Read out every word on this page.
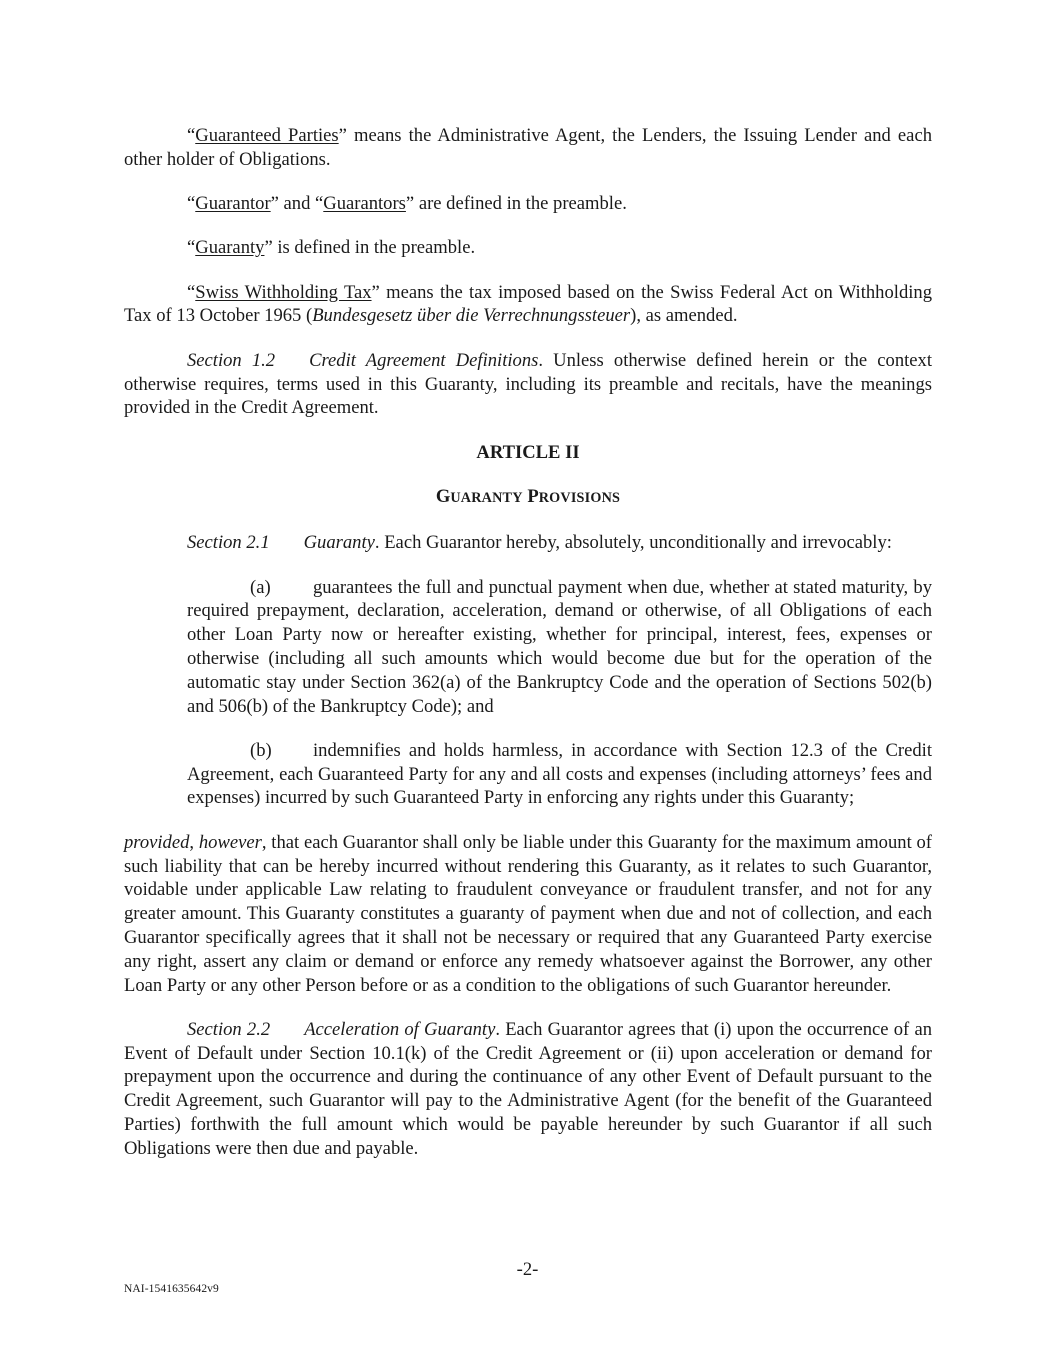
“Guaranteed Parties” means the Administrative Agent, the Lenders, the Issuing Lender and each other holder of Obligations.

“Guarantor” and “Guarantors” are defined in the preamble.

“Guaranty” is defined in the preamble.

“Swiss Withholding Tax” means the tax imposed based on the Swiss Federal Act on Withholding Tax of 13 October 1965 (Bundesgesetz über die Verrechnungssteuer), as amended.

Section 1.2 Credit Agreement Definitions. Unless otherwise defined herein or the context otherwise requires, terms used in this Guaranty, including its preamble and recitals, have the meanings provided in the Credit Agreement.

ARTICLE II
GUARANTY PROVISIONS

Section 2.1 Guaranty. Each Guarantor hereby, absolutely, unconditionally and irrevocably:

(a) guarantees the full and punctual payment when due, whether at stated maturity, by required prepayment, declaration, acceleration, demand or otherwise, of all Obligations of each other Loan Party now or hereafter existing, whether for principal, interest, fees, expenses or otherwise (including all such amounts which would become due but for the operation of the automatic stay under Section 362(a) of the Bankruptcy Code and the operation of Sections 502(b) and 506(b) of the Bankruptcy Code); and

(b) indemnifies and holds harmless, in accordance with Section 12.3 of the Credit Agreement, each Guaranteed Party for any and all costs and expenses (including attorneys’ fees and expenses) incurred by such Guaranteed Party in enforcing any rights under this Guaranty;

provided, however, that each Guarantor shall only be liable under this Guaranty for the maximum amount of such liability that can be hereby incurred without rendering this Guaranty, as it relates to such Guarantor, voidable under applicable Law relating to fraudulent conveyance or fraudulent transfer, and not for any greater amount. This Guaranty constitutes a guaranty of payment when due and not of collection, and each Guarantor specifically agrees that it shall not be necessary or required that any Guaranteed Party exercise any right, assert any claim or demand or enforce any remedy whatsoever against the Borrower, any other Loan Party or any other Person before or as a condition to the obligations of such Guarantor hereunder.

Section 2.2 Acceleration of Guaranty. Each Guarantor agrees that (i) upon the occurrence of an Event of Default under Section 10.1(k) of the Credit Agreement or (ii) upon acceleration or demand for prepayment upon the occurrence and during the continuance of any other Event of Default pursuant to the Credit Agreement, such Guarantor will pay to the Administrative Agent (for the benefit of the Guaranteed Parties) forthwith the full amount which would be payable hereunder by such Guarantor if all such Obligations were then due and payable.

-2-
NAI-1541635642v9
